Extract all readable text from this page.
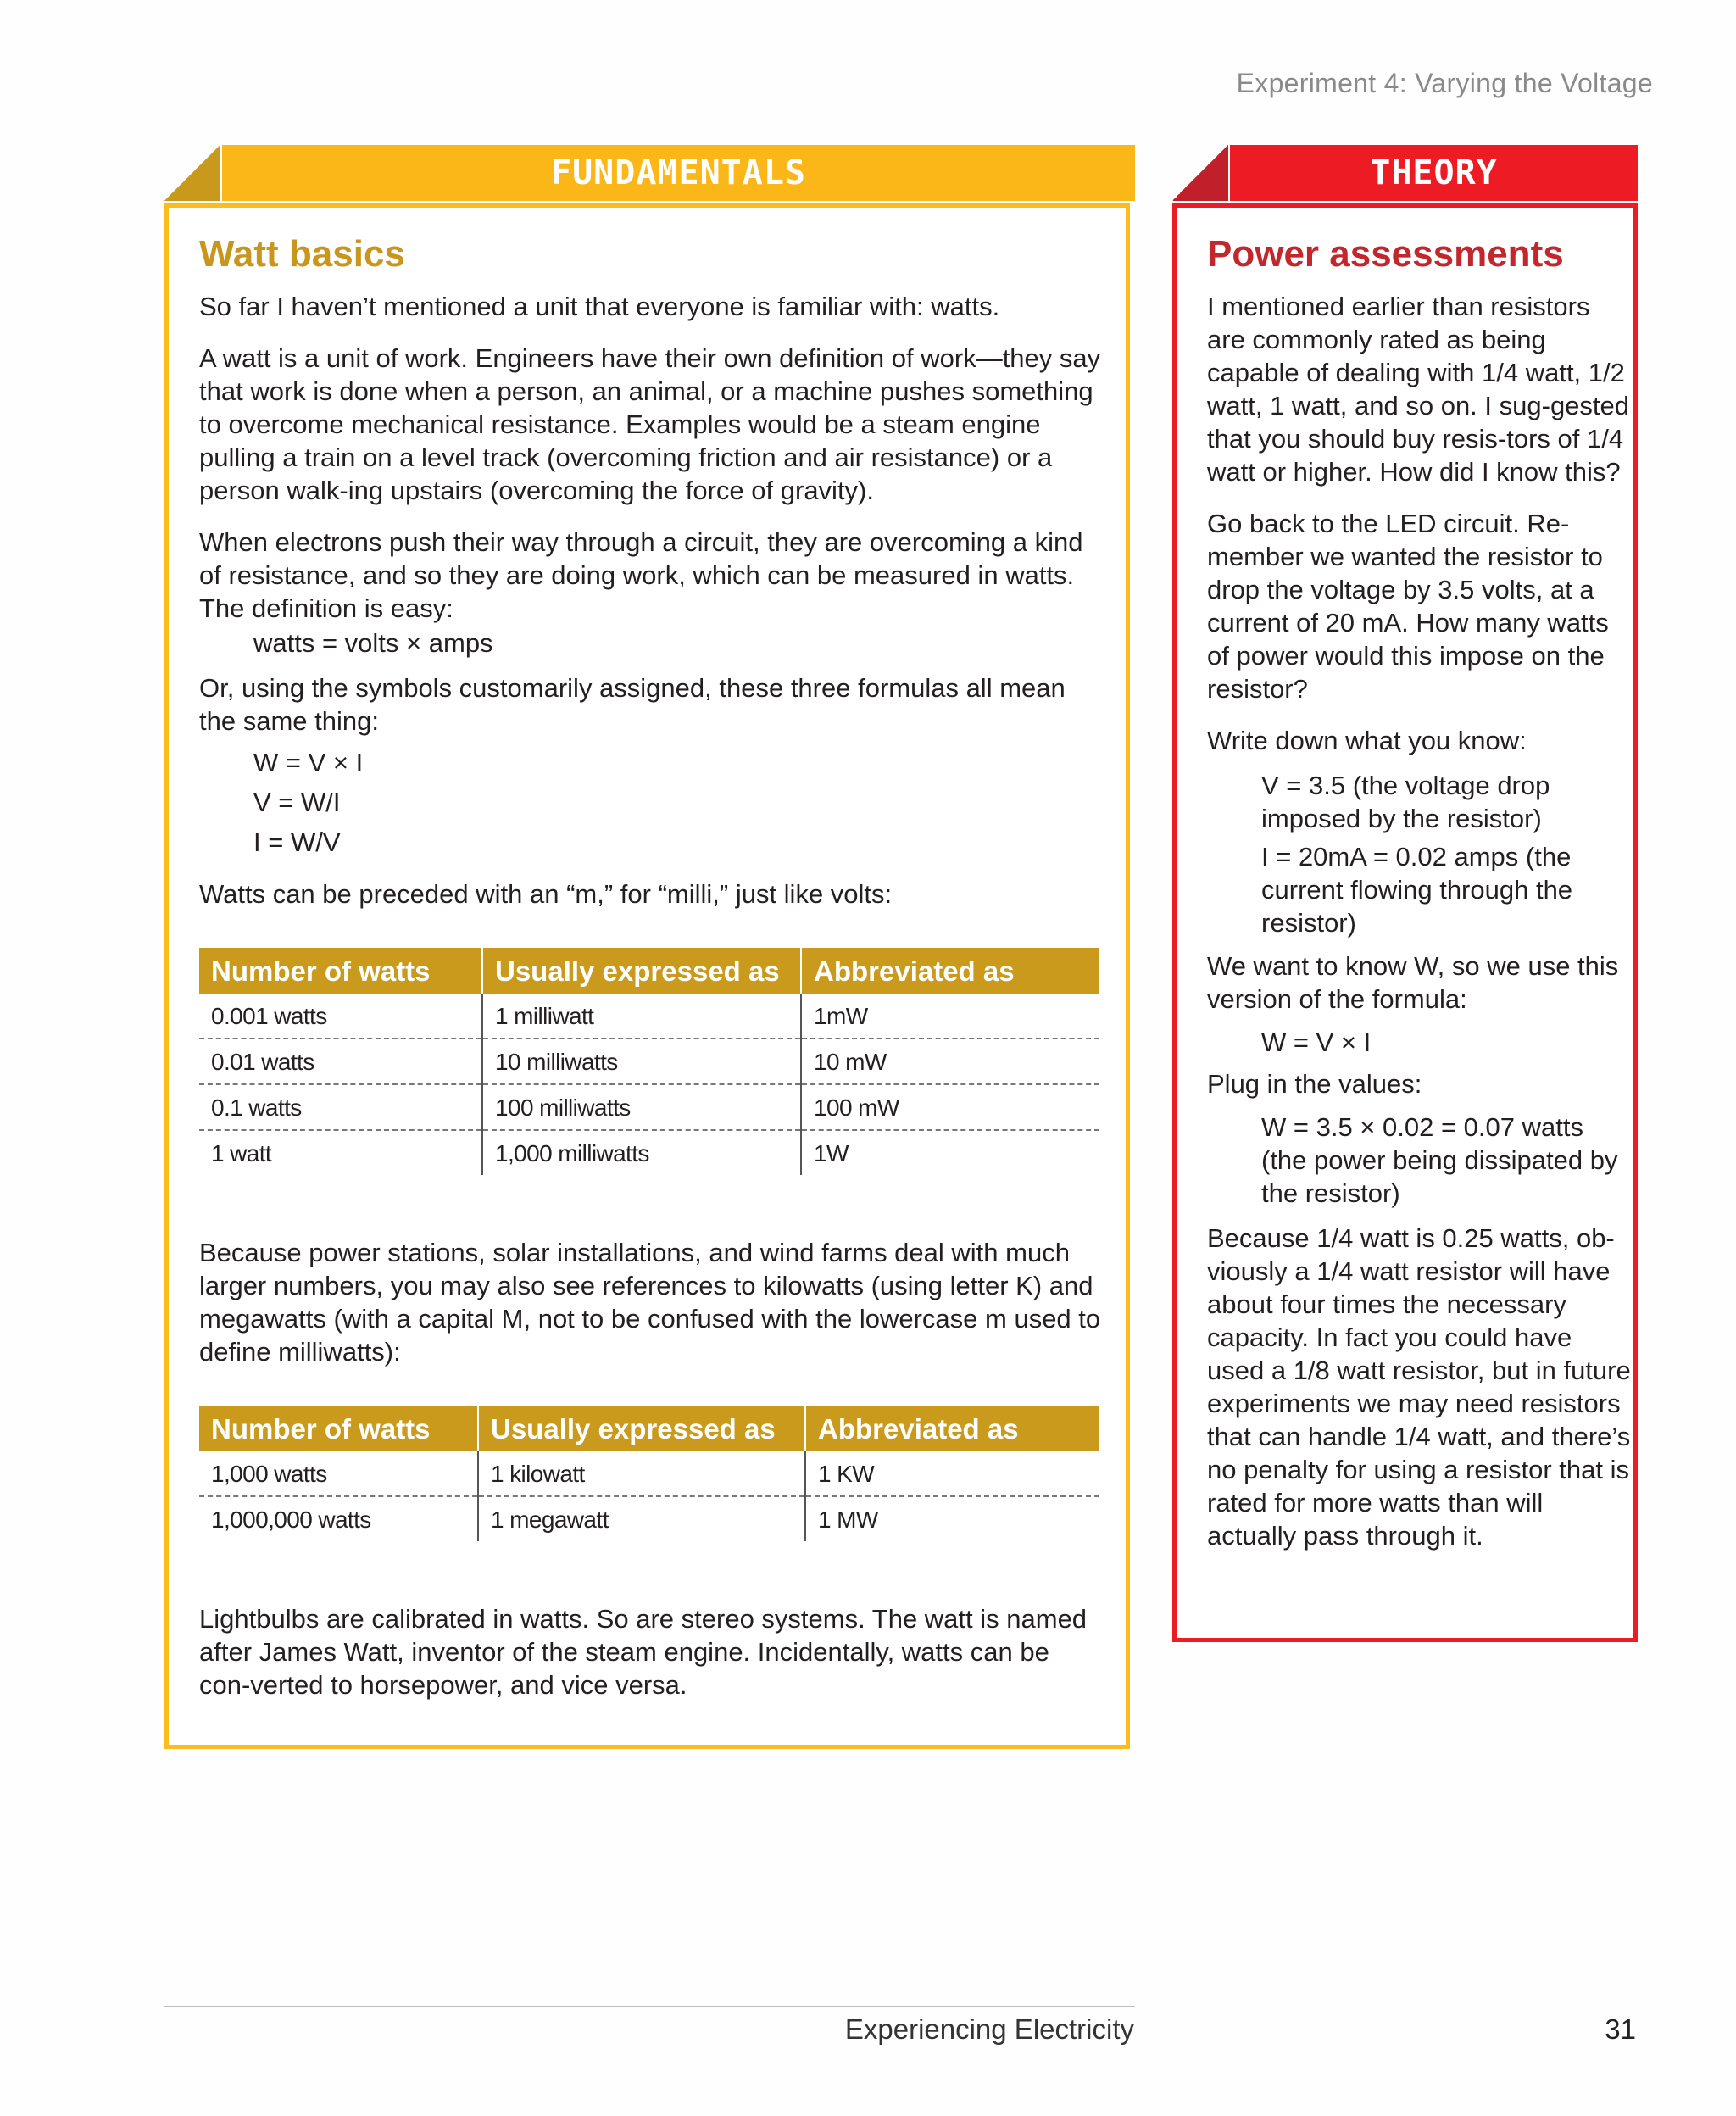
Experiment 4: Varying the Voltage
FUNDAMENTALS
Watt basics

So far I haven’t mentioned a unit that everyone is familiar with: watts.

A watt is a unit of work. Engineers have their own definition of work—they say that work is done when a person, an animal, or a machine pushes something to overcome mechanical resistance. Examples would be a steam engine pulling a train on a level track (overcoming friction and air resistance) or a person walk-ing upstairs (overcoming the force of gravity).

When electrons push their way through a circuit, they are overcoming a kind of resistance, and so they are doing work, which can be measured in watts. The definition is easy:

watts = volts × amps

Or, using the symbols customarily assigned, these three formulas all mean the same thing:

W = V × I
V = W/I
I = W/V

Watts can be preceded with an “m,” for “milli,” just like volts:

Number of watts	Usually expressed as	Abbreviated as
0.001 watts	1 milliwatt	1mW
0.01 watts	10 milliwatts	10 mW
0.1 watts	100 milliwatts	100 mW
1 watt	1,000 milliwatts	1W

Because power stations, solar installations, and wind farms deal with much larger numbers, you may also see references to kilowatts (using letter K) and megawatts (with a capital M, not to be confused with the lowercase m used to define milliwatts):

Number of watts	Usually expressed as	Abbreviated as
1,000 watts	1 kilowatt	1 KW
1,000,000 watts	1 megawatt	1 MW

Lightbulbs are calibrated in watts. So are stereo systems. The watt is named after James Watt, inventor of the steam engine. Incidentally, watts can be con-verted to horsepower, and vice versa.

THEORY
Power assessments

I mentioned earlier than resistors are commonly rated as being capable of dealing with 1/4 watt, 1/2 watt, 1 watt, and so on. I sug-gested that you should buy resis-tors of 1/4 watt or higher. How did I know this?

Go back to the LED circuit. Re-member we wanted the resistor to drop the voltage by 3.5 volts, at a current of 20 mA. How many watts of power would this impose on the resistor?

Write down what you know:

V = 3.5 (the voltage drop imposed by the resistor)
I = 20mA = 0.02 amps (the current flowing through the resistor)

We want to know W, so we use this version of the formula:

W = V × I

Plug in the values:

W = 3.5 × 0.02 = 0.07 watts (the power being dissipated by the resistor)

Because 1/4 watt is 0.25 watts, ob-viously a 1/4 watt resistor will have about four times the necessary capacity. In fact you could have used a 1/8 watt resistor, but in future experiments we may need resistors that can handle 1/4 watt, and there’s no penalty for using a resistor that is rated for more watts than will actually pass through it.

Experiencing Electricity	31
